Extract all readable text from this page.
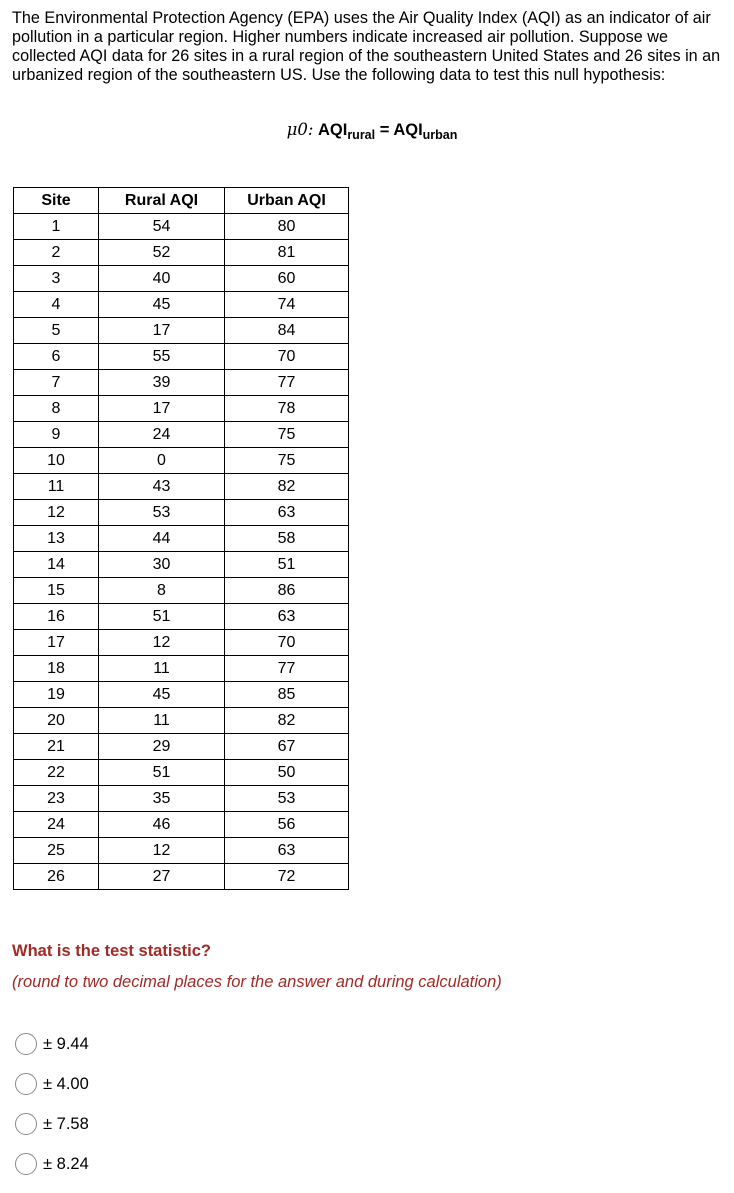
The Environmental Protection Agency (EPA) uses the Air Quality Index (AQI) as an indicator of air pollution in a particular region. Higher numbers indicate increased air pollution. Suppose we collected AQI data for 26 sites in a rural region of the southeastern United States and 26 sites in an urbanized region of the southeastern US. Use the following data to test this null hypothesis:
μ0: $AQI_{rural} = AQI_{urban}$
Site	Rural AQI	Urban AQI
1	54	80
2	52	81
3	40	60
4	45	74
5	17	84
6	55	70
7	39	77
8	17	78
9	24	75
10	0	75
11	43	82
12	53	63
13	44	58
14	30	51
15	8	86
16	51	63
17	12	70
18	11	77
19	45	85
20	11	82
21	29	67
22	51	50
23	35	53
24	46	56
25	12	63
26	27	72
What is the test statistic?
(round to two decimal places for the answer and during calculation)
± 9.44
± 4.00
± 7.58
± 8.24
